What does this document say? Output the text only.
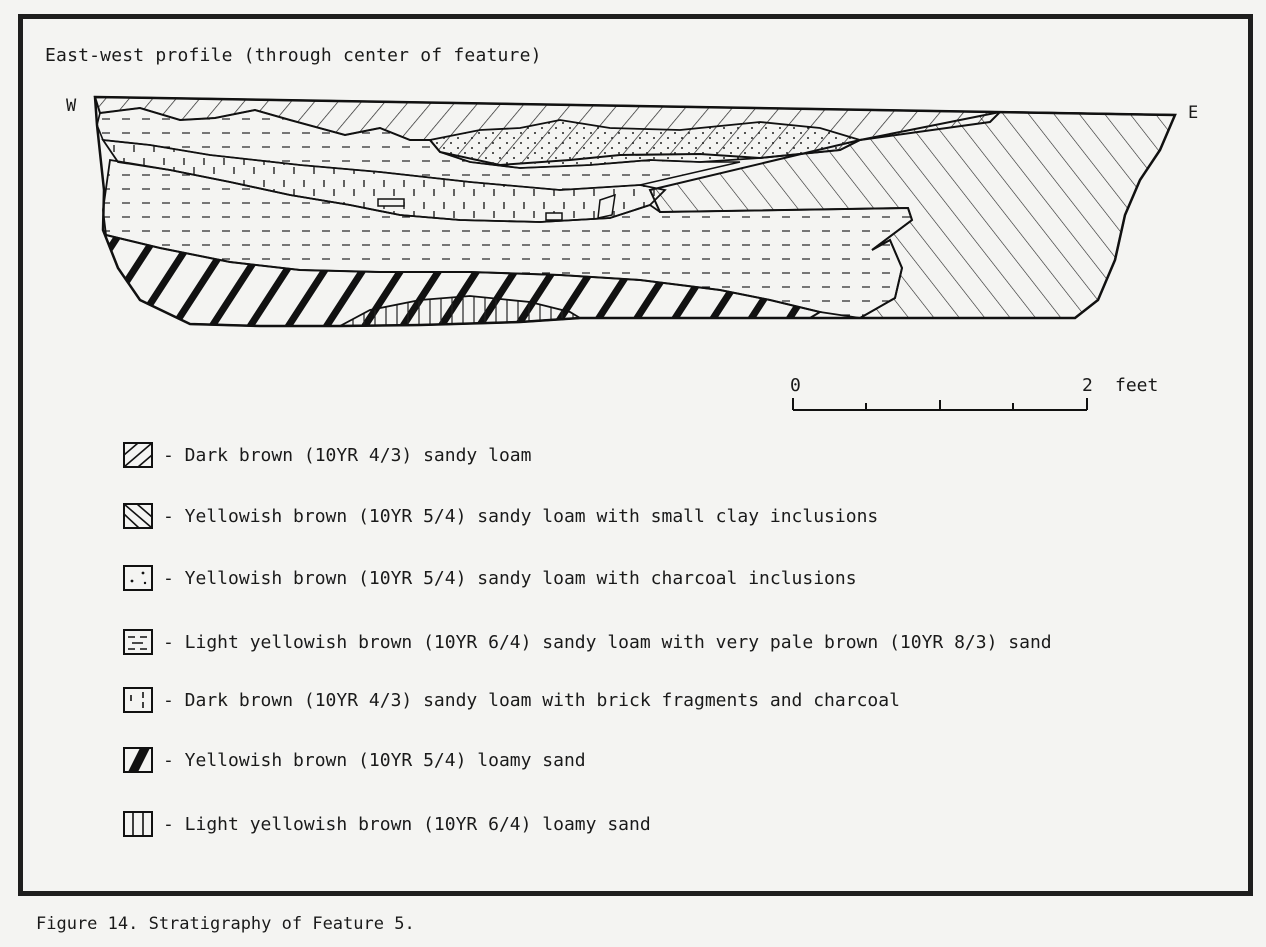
East-west profile (through center of feature)
W	E
0	2 feet
- Dark brown (10YR 4/3) sandy loam
- Yellowish brown (10YR 5/4) sandy loam with small clay inclusions
- Yellowish brown (10YR 5/4) sandy loam with charcoal inclusions
- Light yellowish brown (10YR 6/4) sandy loam with very pale brown (10YR 8/3) sand
- Dark brown (10YR 4/3) sandy loam with brick fragments and charcoal
- Yellowish brown (10YR 5/4) loamy sand
- Light yellowish brown (10YR 6/4) loamy sand
Figure 14. Stratigraphy of Feature 5.
